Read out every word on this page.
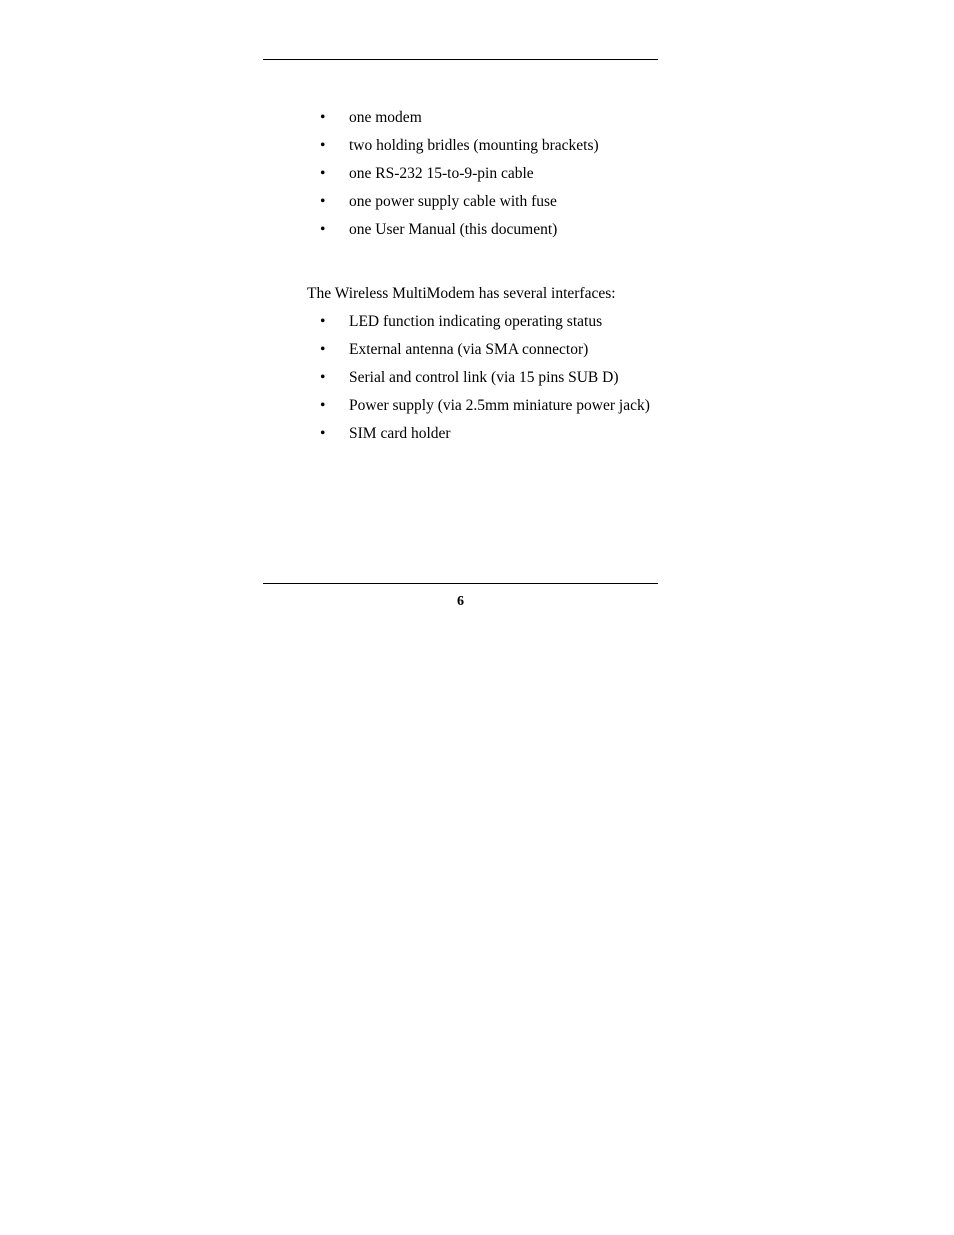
•	one modem
•	two holding bridles (mounting brackets)
•	one RS-232 15-to-9-pin cable
•	one power supply cable with fuse
•	one User Manual (this document)

The Wireless MultiModem has several interfaces:

•	LED function indicating operating status
•	External antenna (via SMA connector)
•	Serial and control link (via 15 pins SUB D)
•	Power supply (via 2.5mm miniature power jack)
•	SIM card holder
6
